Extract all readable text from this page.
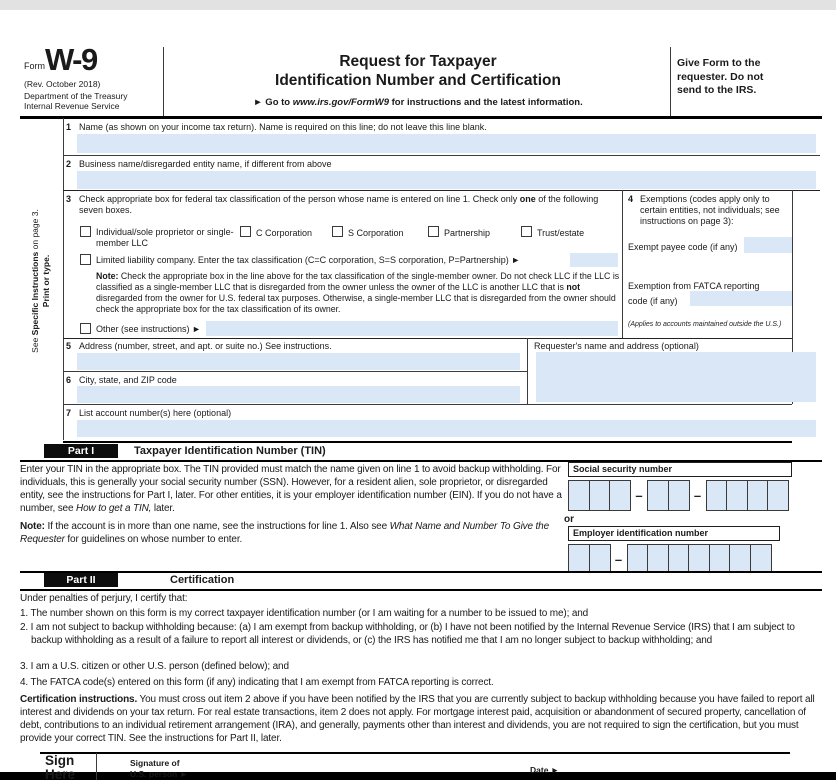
Form W-9
(Rev. October 2018)
Department of the Treasury
Internal Revenue Service
Request for Taxpayer
Identification Number and Certification
► Go to www.irs.gov/FormW9 for instructions and the latest information.
Give Form to the requester. Do not send to the IRS.
See Specific Instructions on page 3.
Print or type.
1 Name (as shown on your income tax return). Name is required on this line; do not leave this line blank.
2 Business name/disregarded entity name, if different from above
3 Check appropriate box for federal tax classification of the person whose name is entered on line 1. Check only one of the following seven boxes.
Individual/sole proprietor or single-member LLC
C Corporation	S Corporation	Partnership	Trust/estate
Limited liability company. Enter the tax classification (C=C corporation, S=S corporation, P=Partnership) ►
Note: Check the appropriate box in the line above for the tax classification of the single-member owner. Do not check LLC if the LLC is classified as a single-member LLC that is disregarded from the owner unless the owner of the LLC is another LLC that is not disregarded from the owner for U.S. federal tax purposes. Otherwise, a single-member LLC that is disregarded from the owner should check the appropriate box for the tax classification of its owner.
Other (see instructions) ►
4 Exemptions (codes apply only to certain entities, not individuals; see instructions on page 3):
Exempt payee code (if any)
Exemption from FATCA reporting
code (if any)
(Applies to accounts maintained outside the U.S.)
5 Address (number, street, and apt. or suite no.) See instructions.
6 City, state, and ZIP code
Requester's name and address (optional)
7 List account number(s) here (optional)
Part I	Taxpayer Identification Number (TIN)
Enter your TIN in the appropriate box. The TIN provided must match the name given on line 1 to avoid backup withholding. For individuals, this is generally your social security number (SSN). However, for a resident alien, sole proprietor, or disregarded entity, see the instructions for Part I, later. For other entities, it is your employer identification number (EIN). If you do not have a number, see How to get a TIN, later.
Note: If the account is in more than one name, see the instructions for line 1. Also see What Name and Number To Give the Requester for guidelines on whose number to enter.
Social security number
–	–
or
Employer identification number
–
Part II	Certification
Under penalties of perjury, I certify that:
1. The number shown on this form is my correct taxpayer identification number (or I am waiting for a number to be issued to me); and
2. I am not subject to backup withholding because: (a) I am exempt from backup withholding, or (b) I have not been notified by the Internal Revenue Service (IRS) that I am subject to backup withholding as a result of a failure to report all interest or dividends, or (c) the IRS has notified me that I am no longer subject to backup withholding; and
3. I am a U.S. citizen or other U.S. person (defined below); and
4. The FATCA code(s) entered on this form (if any) indicating that I am exempt from FATCA reporting is correct.
Certification instructions. You must cross out item 2 above if you have been notified by the IRS that you are currently subject to backup withholding because you have failed to report all interest and dividends on your tax return. For real estate transactions, item 2 does not apply. For mortgage interest paid, acquisition or abandonment of secured property, cancellation of debt, contributions to an individual retirement arrangement (IRA), and generally, payments other than interest and dividends, you are not required to sign the certification, but you must provide your correct TIN. See the instructions for Part II, later.
Sign
Here
Signature of
U.S. person ►	Date ►
